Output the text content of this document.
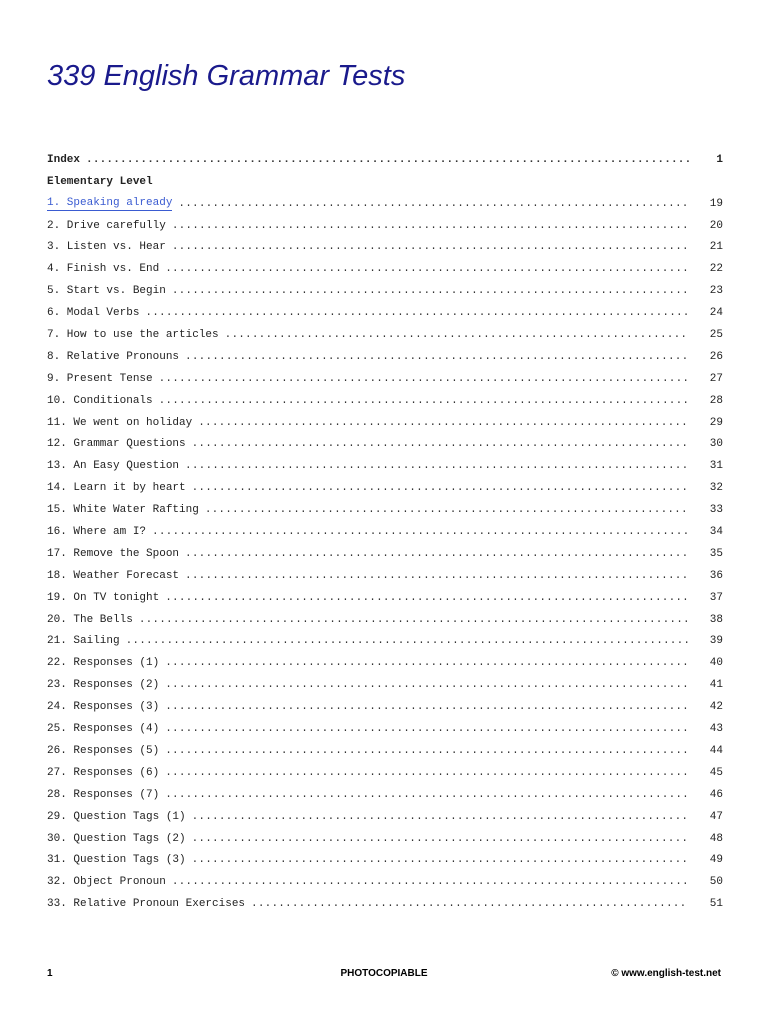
339 English Grammar Tests
Index . . .	1
Elementary Level
1. Speaking already . . .	19
2. Drive carefully . . .	20
3. Listen vs. Hear . . .	21
4. Finish vs. End . . .	22
5. Start vs. Begin . . .	23
6. Modal Verbs . . .	24
7. How to use the articles . . .	25
8. Relative Pronouns . . .	26
9. Present Tense . . .	27
10. Conditionals . . .	28
11. We went on holiday . . .	29
12. Grammar Questions . . .	30
13. An Easy Question . . .	31
14. Learn it by heart . . .	32
15. White Water Rafting . . .	33
16. Where am I? . . .	34
17. Remove the Spoon . . .	35
18. Weather Forecast . . .	36
19. On TV tonight . . .	37
20. The Bells . . .	38
21. Sailing . . .	39
22. Responses (1) . . .	40
23. Responses (2) . . .	41
24. Responses (3) . . .	42
25. Responses (4) . . .	43
26. Responses (5) . . .	44
27. Responses (6) . . .	45
28. Responses (7) . . .	46
29. Question Tags (1) . . .	47
30. Question Tags (2) . . .	48
31. Question Tags (3) . . .	49
32. Object Pronoun . . .	50
33. Relative Pronoun Exercises . . .	51
1	PHOTOCOPIABLE	© www.english-test.net
